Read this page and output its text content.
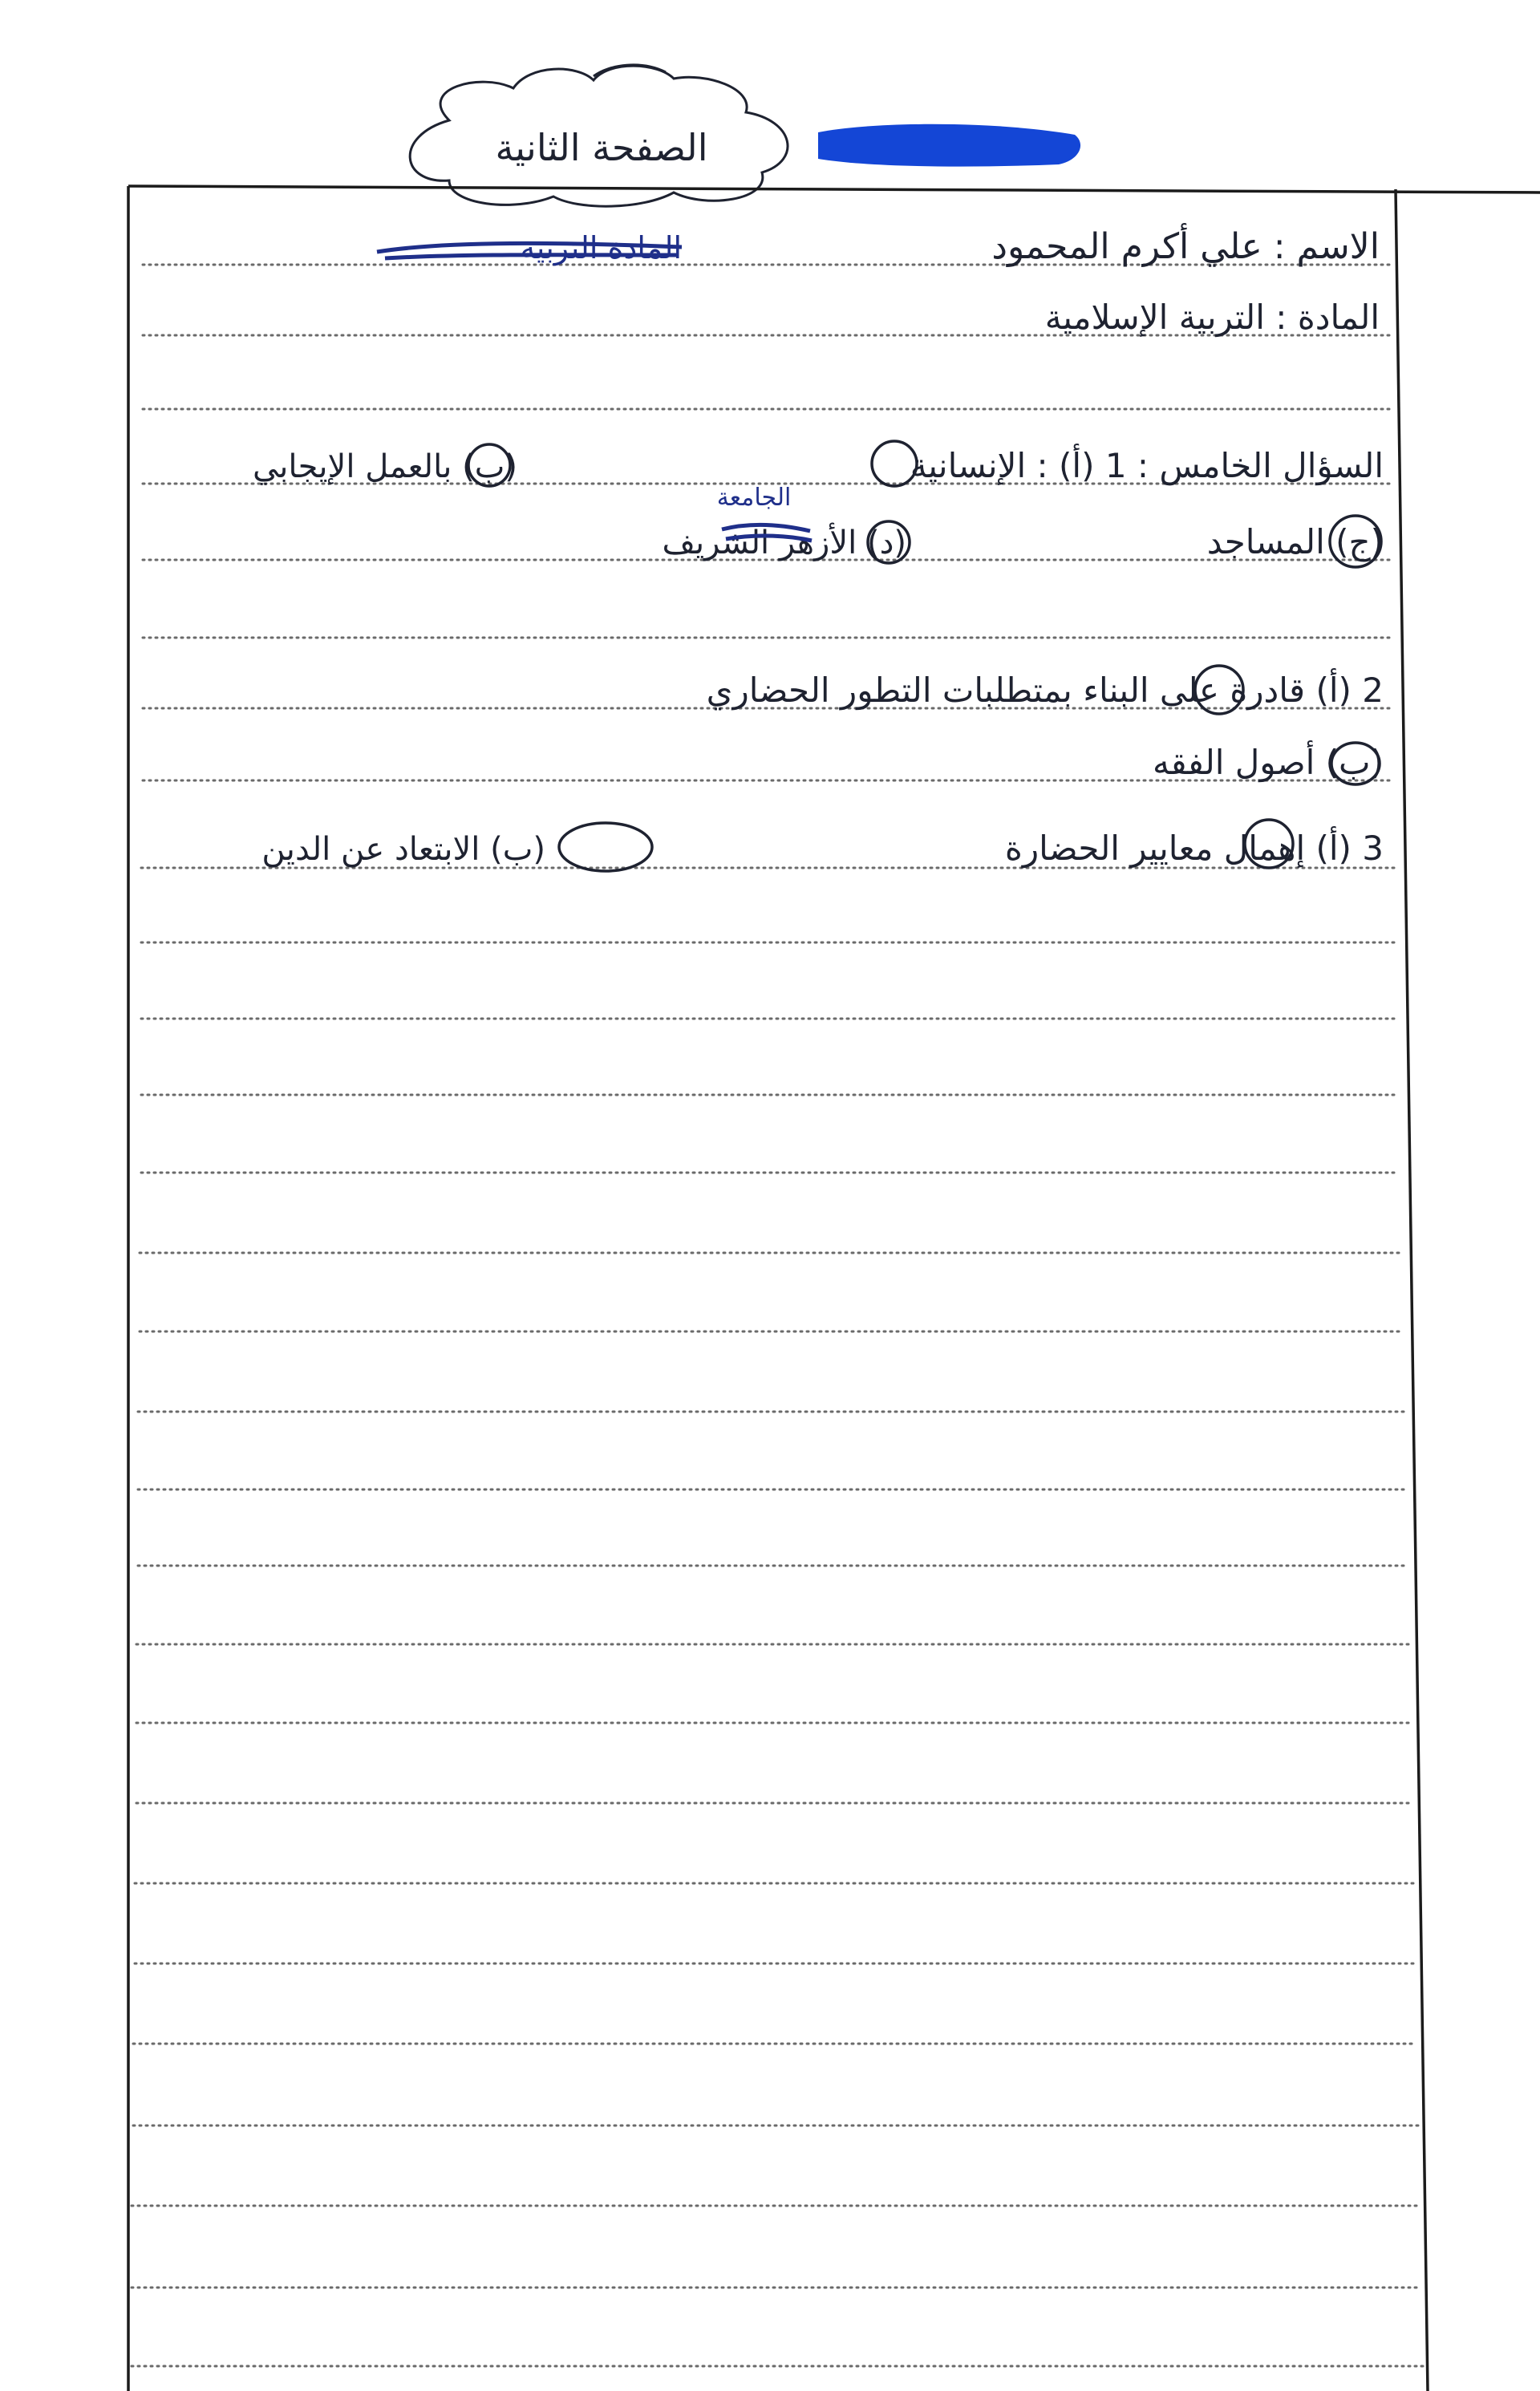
الصفحة الثانية
الاسم : علي أكرم المحمود
المادة التربية
المادة : التربية الإسلامية
السؤال الخامس : 1 (أ) : الإنسانية
(ب) بالعمل الإيجابي
(ج) المساجد
(د) الأزهر الشريف
الجامعة
2 (أ) قادرة على البناء بمتطلبات التطور الحضاري
(ب) أصول الفقه
3 (أ) إهمال معايير الحضارة
(ب) الابتعاد عن الدين
